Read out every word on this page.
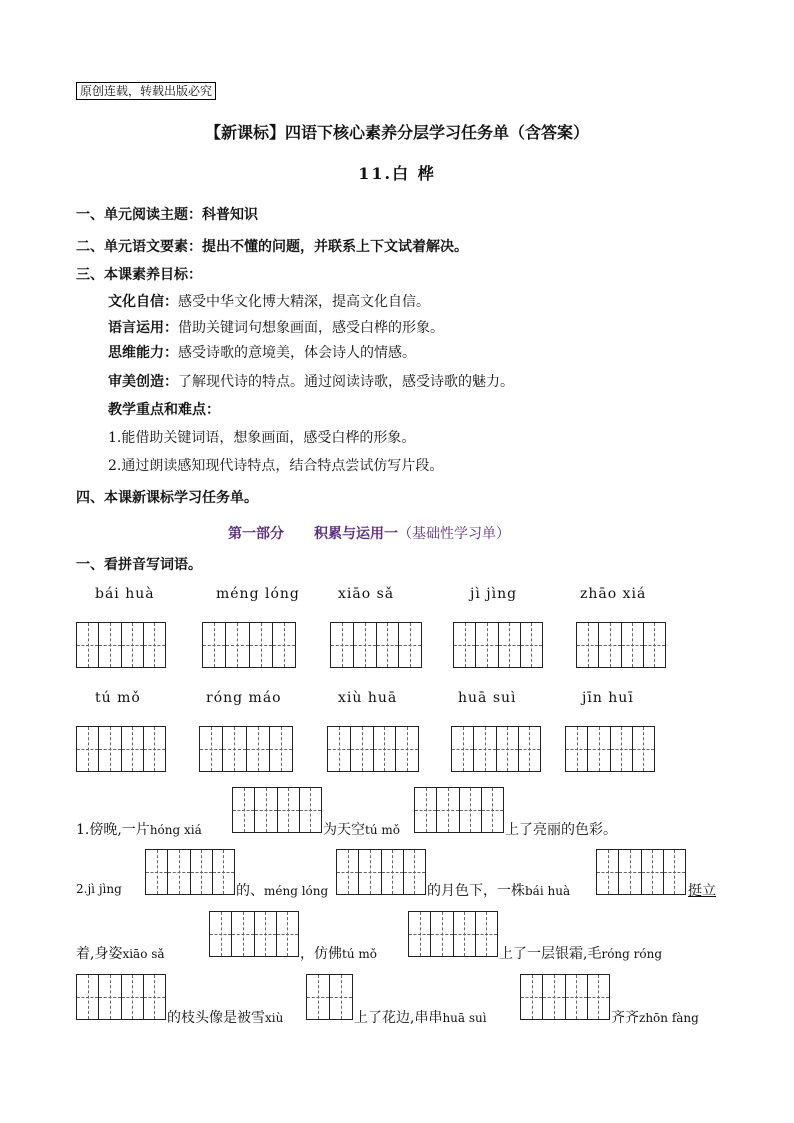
原创连载，转载出版必究
【新课标】四语下核心素养分层学习任务单（含答案）
11.白 桦
一、单元阅读主题：科普知识
二、单元语文要素：提出不懂的问题，并联系上下文试着解决。
三、本课素养目标：
文化自信：感受中华文化博大精深，提高文化自信。
语言运用：借助关键词句想象画面，感受白桦的形象。
思维能力：感受诗歌的意境美，体会诗人的情感。
审美创造：了解现代诗的特点。通过阅读诗歌，感受诗歌的魅力。
教学重点和难点：
1.能借助关键词语，想象画面，感受白桦的形象。
2.通过朗读感知现代诗特点，结合特点尝试仿写片段。
四、本课新课标学习任务单。
第一部分 积累与运用一（基础性学习单）
一、看拼音写词语。
bái huà	méng lóng	xiāo sǎ	jì jìng	zhāo xiá
tú mǒ	róng máo	xiù huā	huā suì	jīn huī
1.傍晚,一片hóng xiá	为天空tú mǒ	上了亮丽的色彩。
2.jì jìng	的、méng lóng	的月色下，一株bái huà	挺立
着,身姿xiāo sǎ	，仿佛tú mǒ	上了一层银霜,毛róng róng
的枝头像是被雪xiù	上了花边,串串huā suì	齐齐zhōn fàng
